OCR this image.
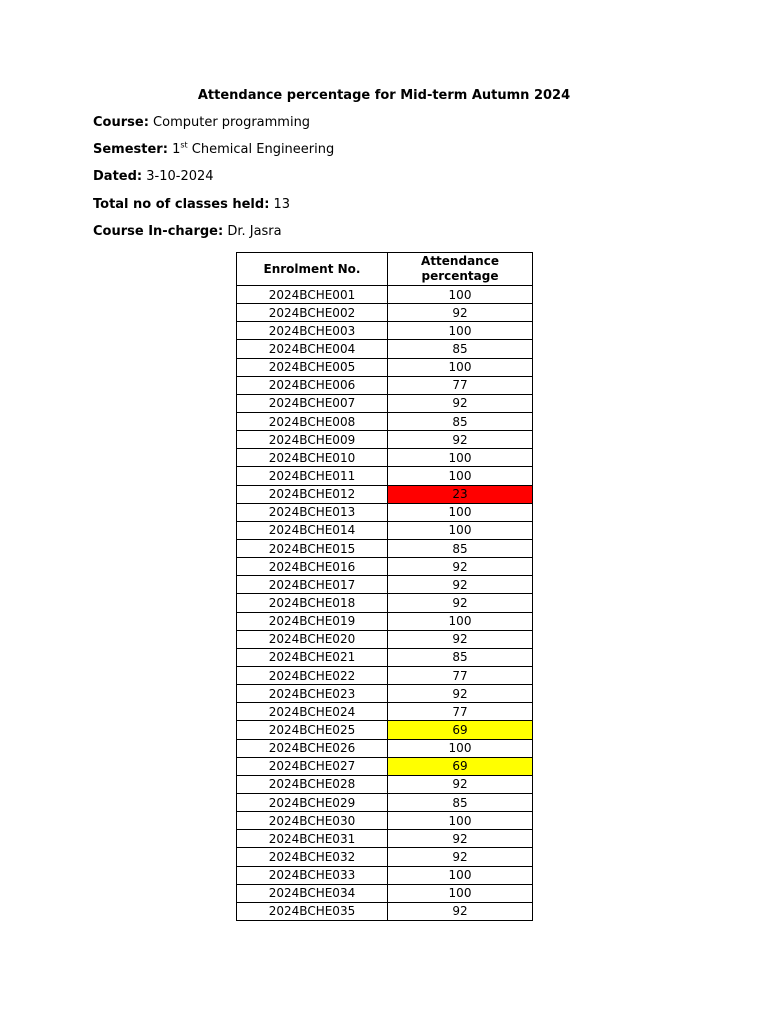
Attendance percentage for Mid-term Autumn 2024
Course: Computer programming
Semester: 1st Chemical Engineering
Dated: 3-10-2024
Total no of classes held: 13
Course In-charge: Dr. Jasra
Enrolment No.	Attendance percentage
2024BCHE001	100
2024BCHE002	92
2024BCHE003	100
2024BCHE004	85
2024BCHE005	100
2024BCHE006	77
2024BCHE007	92
2024BCHE008	85
2024BCHE009	92
2024BCHE010	100
2024BCHE011	100
2024BCHE012	23
2024BCHE013	100
2024BCHE014	100
2024BCHE015	85
2024BCHE016	92
2024BCHE017	92
2024BCHE018	92
2024BCHE019	100
2024BCHE020	92
2024BCHE021	85
2024BCHE022	77
2024BCHE023	92
2024BCHE024	77
2024BCHE025	69
2024BCHE026	100
2024BCHE027	69
2024BCHE028	92
2024BCHE029	85
2024BCHE030	100
2024BCHE031	92
2024BCHE032	92
2024BCHE033	100
2024BCHE034	100
2024BCHE035	92
